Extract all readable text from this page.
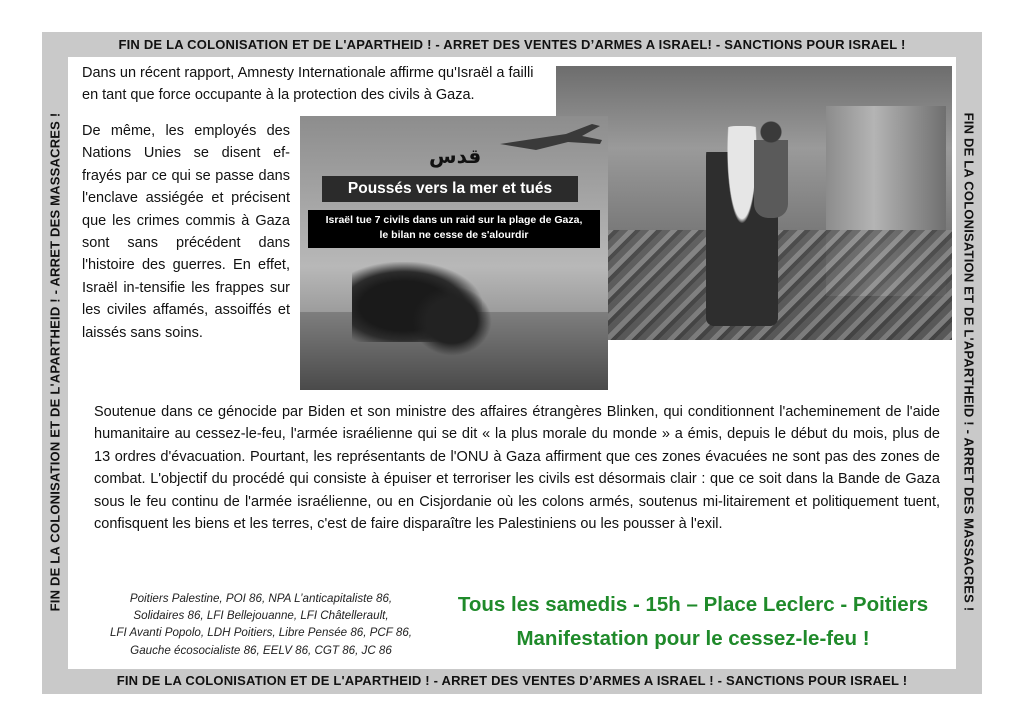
FIN DE LA COLONISATION ET DE L'APARTHEID ! - ARRET DES VENTES D’ARMES A ISRAEL! - SANCTIONS POUR ISRAEL !
FIN DE LA COLONISATION ET DE L'APARTHEID ! - ARRET DES MASSACRES !	FIN DE LA COLONISATION ET DE L'APARTHEID ! - ARRET DES MASSACRES !
FIN DE LA COLONISATION ET DE L'APARTHEID ! - ARRET DES VENTES D’ARMES A ISRAEL ! - SANCTIONS POUR ISRAEL !
Dans un récent rapport, Amnesty Internationale affirme qu'Israël a failli en tant que force occupante à la protection des civils à Gaza.
De même, les employés des Nations Unies se disent ef-frayés par ce qui se passe dans l'enclave assiégée et précisent que les crimes commis à Gaza sont sans précédent dans l'histoire des guerres. En effet, Israël in-tensifie les frappes sur les civiles affamés, assoiffés et laissés sans soins.
قدس
Poussés vers la mer et tués
Israël tue 7 civils dans un raid sur la plage de Gaza,
le bilan ne cesse de s'alourdir
Soutenue dans ce génocide par Biden et son ministre des affaires étrangères Blinken, qui conditionnent l'acheminement de l'aide humanitaire au cessez-le-feu, l'armée israélienne qui se dit « la plus morale du monde » a émis, depuis le début du mois, plus de 13 ordres d'évacuation. Pourtant, les représentants de l'ONU à Gaza affirment que ces zones évacuées ne sont pas des zones de combat. L'objectif du procédé qui consiste à épuiser et terroriser les civils est désormais clair : que ce soit dans la Bande de Gaza sous le feu continu de l'armée israélienne, ou en Cisjordanie où les colons armés, soutenus mi-litairement et politiquement tuent, confisquent les biens et les terres, c'est de faire disparaître les Palestiniens ou les pousser à l'exil.
Poitiers Palestine, POI 86, NPA L’anticapitaliste 86,
Solidaires 86, LFI Bellejouanne, LFI Châtellerault,
LFI Avanti Popolo, LDH Poitiers, Libre Pensée 86, PCF 86,
Gauche écosocialiste 86, EELV 86, CGT 86, JC 86
Tous les samedis - 15h – Place Leclerc - Poitiers
Manifestation pour le cessez-le-feu !
